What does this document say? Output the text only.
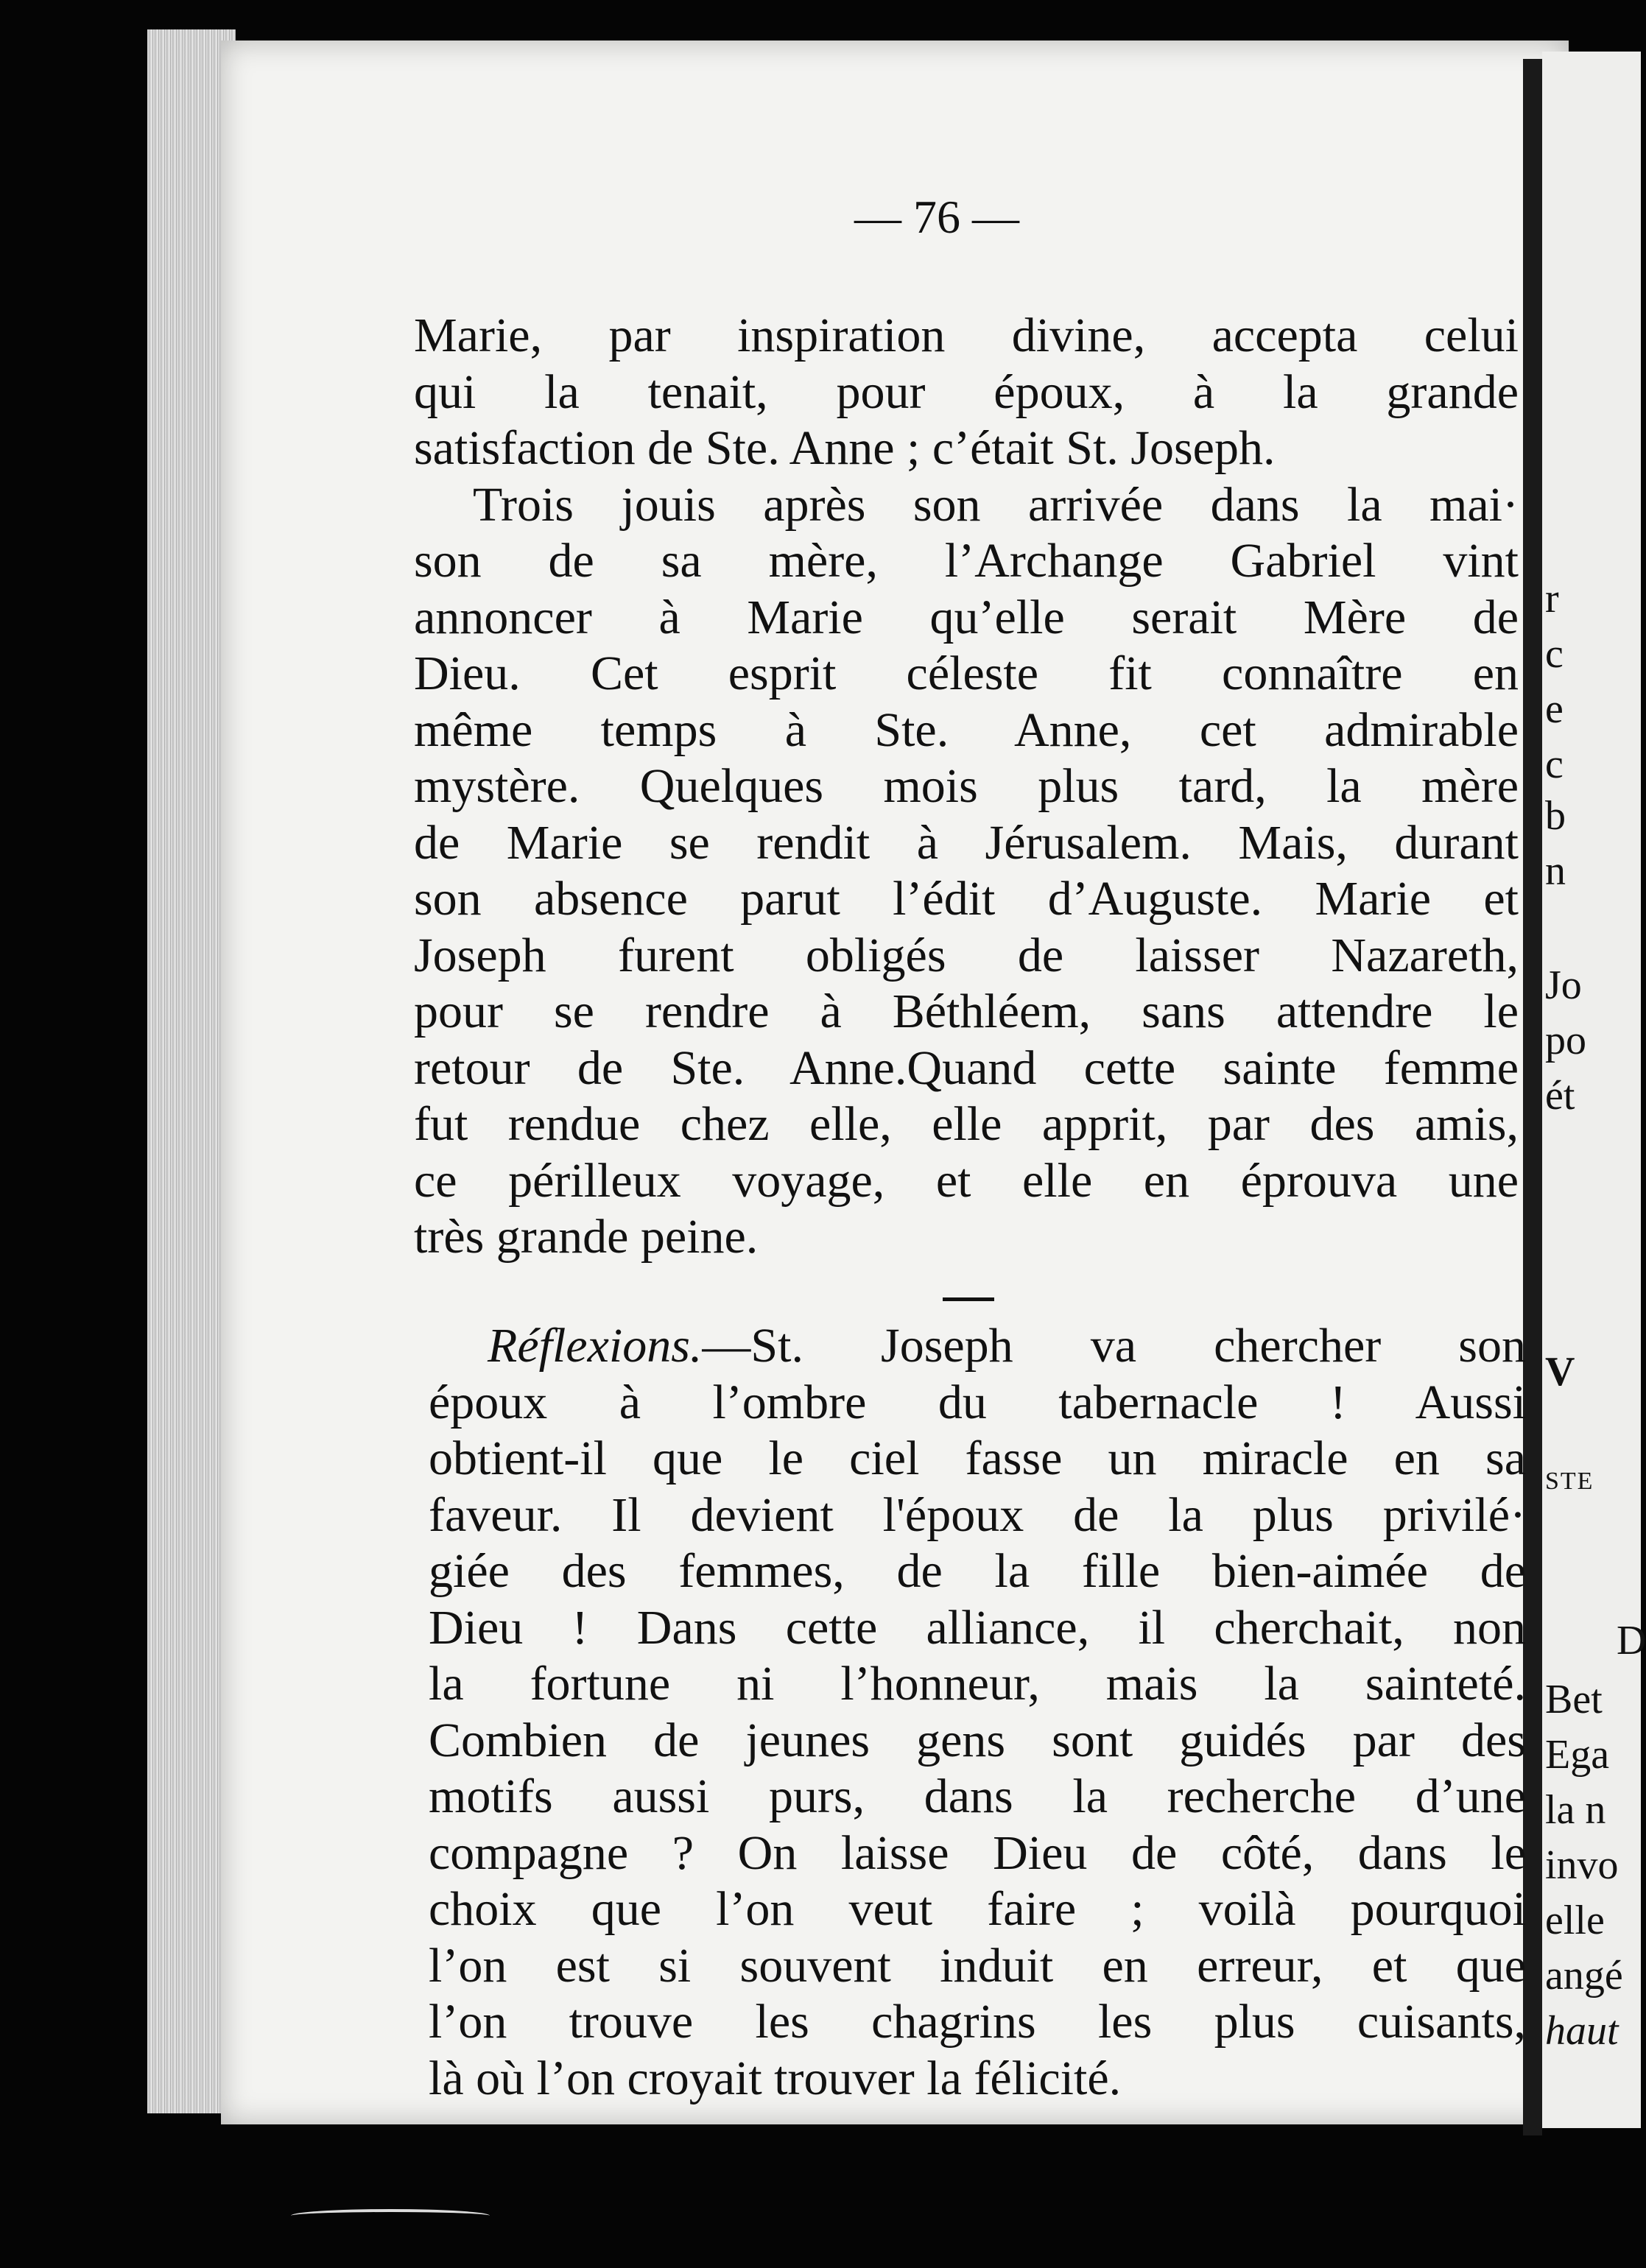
r
c
e
c
b
n
Jo
po
ét
V
STE
D
Bet
Ega
la n
invo
elle
angé
haut
— 76 —
Marie, par inspiration divine, accepta celui
qui la tenait, pour époux, à la grande
satisfaction de Ste. Anne ; c’était St. Joseph.
Trois jouis après son arrivée dans la mai·
son de sa mère, l’Archange Gabriel vint
annoncer à Marie qu’elle serait Mère de
Dieu. Cet esprit céleste fit connaître en
même temps à Ste. Anne, cet admirable
mystère. Quelques mois plus tard, la mère
de Marie se rendit à Jérusalem. Mais, durant
son absence parut l’édit d’Auguste. Marie et
Joseph furent obligés de laisser Nazareth,
pour se rendre à Béthléem, sans attendre le
retour de Ste. Anne.Quand cette sainte femme
fut rendue chez elle, elle apprit, par des amis,
ce périlleux voyage, et elle en éprouva une
très grande peine.
Réflexions.—St. Joseph va chercher son
époux à l’ombre du tabernacle ! Aussi
obtient-il que le ciel fasse un miracle en sa
faveur. Il devient l'époux de la plus privilé·
giée des femmes, de la fille bien-aimée de
Dieu ! Dans cette alliance, il cherchait, non
la fortune ni l’honneur, mais la sainteté.
Combien de jeunes gens sont guidés par des
motifs aussi purs, dans la recherche d’une
compagne ? On laisse Dieu de côté, dans le
choix que l’on veut faire ; voilà pourquoi
l’on est si souvent induit en erreur, et que
l’on trouve les chagrins les plus cuisants,
là où l’on croyait trouver la félicité.
